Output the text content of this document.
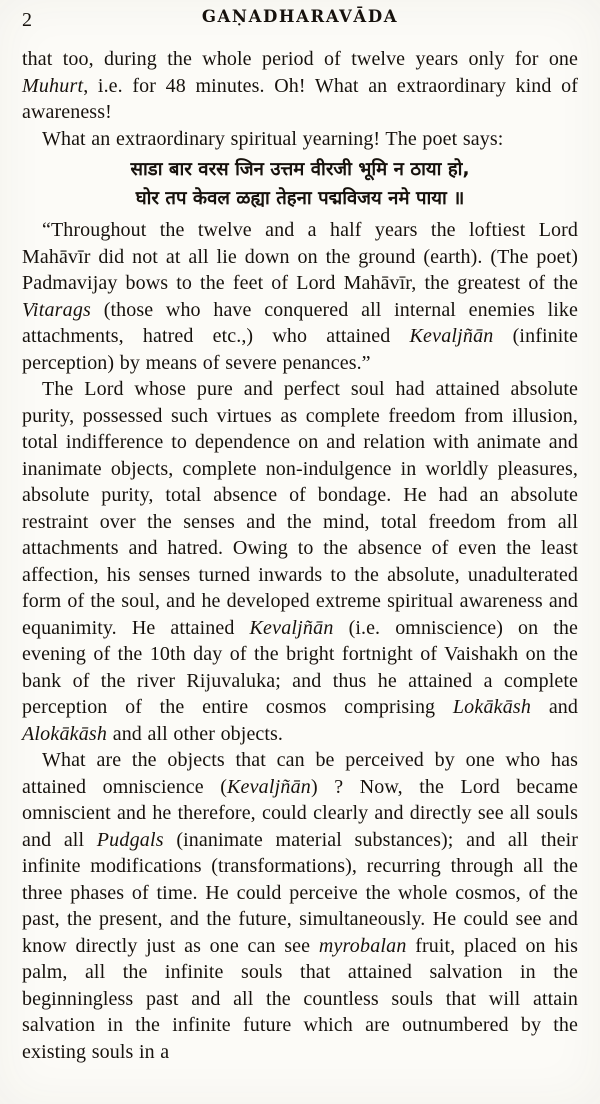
2	GAṆADHARAVĀDA

that too, during the whole period of twelve years only for one Muhurt, i.e. for 48 minutes. Oh! What an extraordinary kind of awareness!

What an extraordinary spiritual yearning! The poet says:

साडा बार वरस जिन उत्तम वीरजी भूमि न ठाया हो,
घोर तप केवल ळह्या तेहना पद्मविजय नमे पाया ॥

“Throughout the twelve and a half years the loftiest Lord Mahāvīr did not at all lie down on the ground (earth). (The poet) Padmavijay bows to the feet of Lord Mahāvīr, the greatest of the Vitarags (those who have conquered all internal enemies like attachments, hatred etc.,) who attained Kevaljñān (infinite perception) by means of severe penances.”

The Lord whose pure and perfect soul had attained absolute purity, possessed such virtues as complete freedom from illusion, total indifference to dependence on and relation with animate and inanimate objects, complete non-indulgence in worldly pleasures, absolute purity, total absence of bondage. He had an absolute restraint over the senses and the mind, total freedom from all attachments and hatred. Owing to the absence of even the least affection, his senses turned inwards to the absolute, unadulterated form of the soul, and he developed extreme spiritual awareness and equanimity. He attained Kevaljñān (i.e. omniscience) on the evening of the 10th day of the bright fortnight of Vaishakh on the bank of the river Rijuvaluka; and thus he attained a complete perception of the entire cosmos comprising Lokākāsh and Alokākāsh and all other objects.

What are the objects that can be perceived by one who has attained omniscience (Kevaljñān) ? Now, the Lord became omniscient and he therefore, could clearly and directly see all souls and all Pudgals (inanimate material substances); and all their infinite modifications (transformations), recurring through all the three phases of time. He could perceive the whole cosmos, of the past, the present, and the future, simultaneously. He could see and know directly just as one can see myrobalan fruit, placed on his palm, all the infinite souls that attained salvation in the beginningless past and all the countless souls that will attain salvation in the infinite future which are outnumbered by the existing souls in a
